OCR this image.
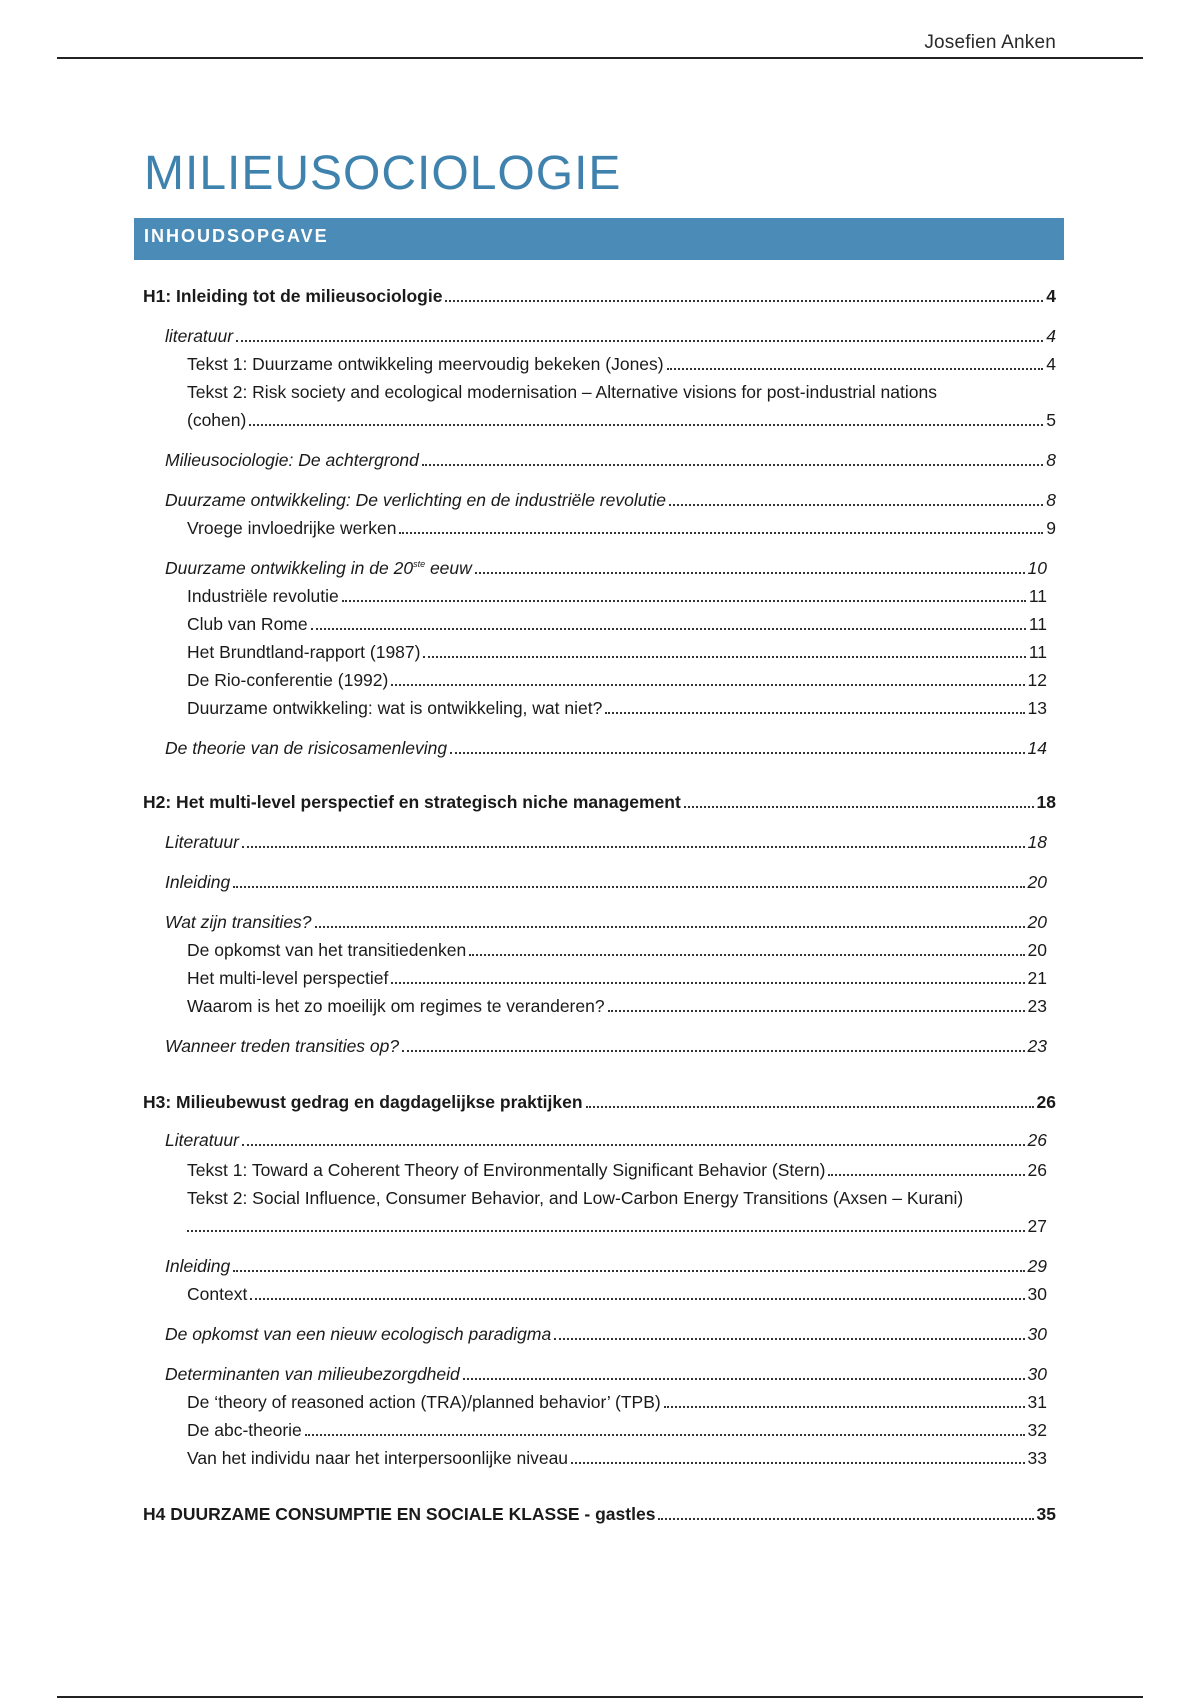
Josefien Anken
MILIEUSOCIOLOGIE
INHOUDSOPGAVE
H1: Inleiding tot de milieusociologie	4
literatuur	4
Tekst 1: Duurzame ontwikkeling meervoudig bekeken (Jones)	4
Tekst 2: Risk society and ecological modernisation – Alternative visions for post-industrial nations
(cohen)	5
Milieusociologie: De achtergrond	8
Duurzame ontwikkeling: De verlichting en de industriële revolutie	8
Vroege invloedrijke werken	9
Duurzame ontwikkeling in de 20ste eeuw	10
Industriële revolutie	11
Club van Rome	11
Het Brundtland-rapport (1987)	11
De Rio-conferentie (1992)	12
Duurzame ontwikkeling: wat is ontwikkeling, wat niet?	13
De theorie van de risicosamenleving	14
H2: Het multi-level perspectief en strategisch niche management	18
Literatuur	18
Inleiding	20
Wat zijn transities?	20
De opkomst van het transitiedenken	20
Het multi-level perspectief	21
Waarom is het zo moeilijk om regimes te veranderen?	23
Wanneer treden transities op?	23
H3: Milieubewust gedrag en dagdagelijkse praktijken	26
Literatuur	26
Tekst 1: Toward a Coherent Theory of Environmentally Significant Behavior (Stern)	26
Tekst 2: Social Influence, Consumer Behavior, and Low-Carbon Energy Transitions (Axsen – Kurani)
27
Inleiding	29
Context	30
De opkomst van een nieuw ecologisch paradigma	30
Determinanten van milieubezorgdheid	30
De ‘theory of reasoned action (TRA)/planned behavior’ (TPB)	31
De abc-theorie	32
Van het individu naar het interpersoonlijke niveau	33
H4 DUURZAME CONSUMPTIE EN SOCIALE KLASSE - gastles	35
